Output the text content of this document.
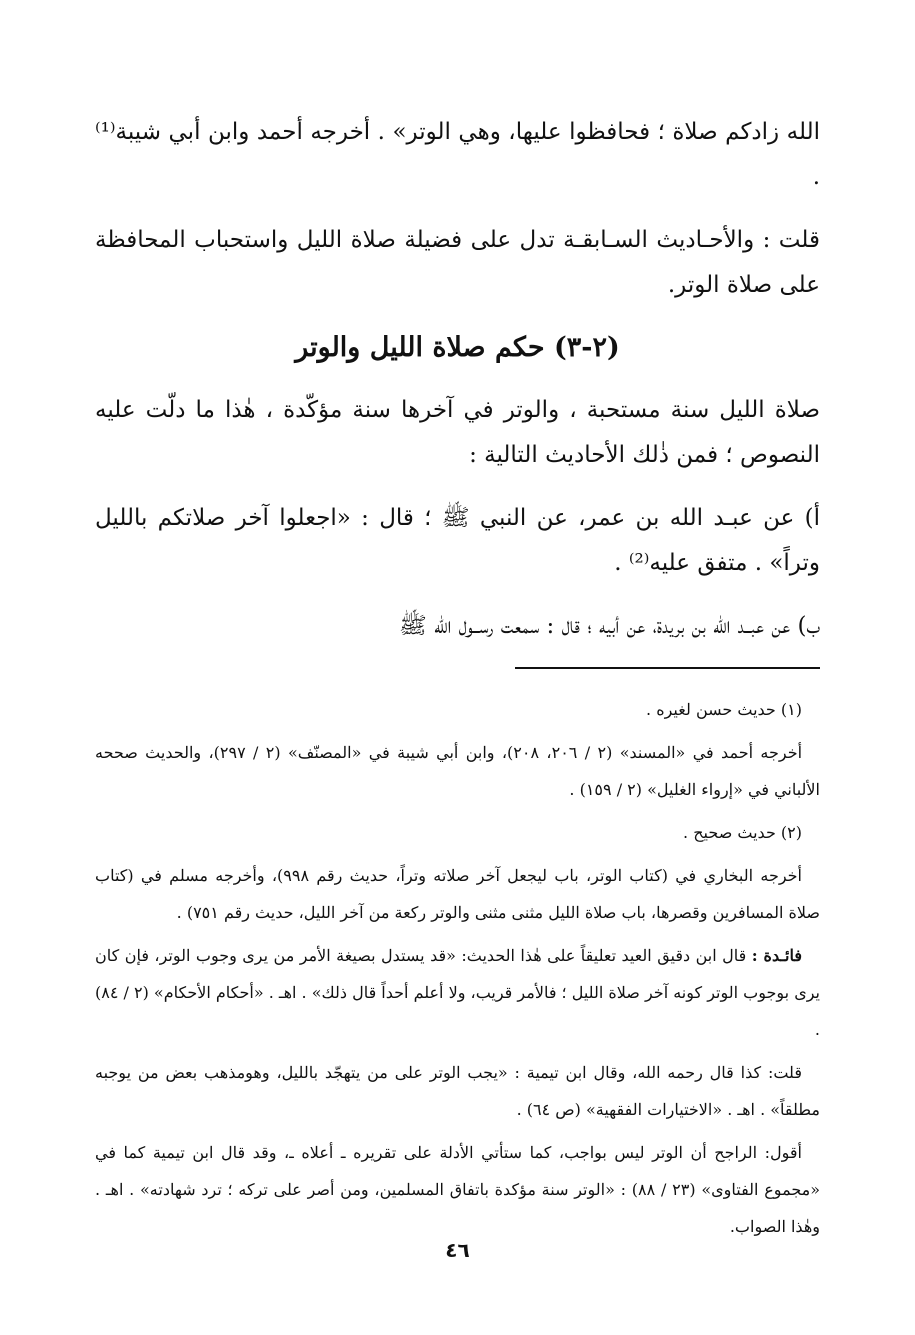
الله زادكم صلاة ؛ فحافظوا عليها، وهي الوتر» . أخرجه أحمد وابن أبي شيبة⁽¹⁾ .

قلت : والأحـاديث السـابقـة تدل على فضيلة صلاة الليل واستحباب المحافظة على صلاة الوتر.

(٢-٣) حكم صلاة الليل والوتر

صلاة الليل سنة مستحبة ، والوتر في آخرها سنة مؤكّدة ، هٰذا ما دلّت عليه النصوص ؛ فمن ذٰلك الأحاديث التالية :

أ) عن عبـد الله بن عمر، عن النبي ﷺ ؛ قال : «اجعلوا آخر صلاتكم بالليل وتراً» . متفق عليه⁽²⁾ .

ب) عن عبــد الله بن بريدة، عن أبيه ؛ قال : سمعت رســول الله ﷺ

(١) حديث حسن لغيره .

أخرجه أحمد في «المسند» (٢ / ٢٠٦، ٢٠٨)، وابن أبي شيبة في «المصنّف» (٢ / ٢٩٧)، والحديث صححه الألباني في «إرواء الغليل» (٢ / ١٥٩) .

(٢) حديث صحيح .

أخرجه البخاري في (كتاب الوتر، باب ليجعل آخر صلاته وتراً، حديث رقم ٩٩٨)، وأخرجه مسلم في (كتاب صلاة المسافرين وقصرها، باب صلاة الليل مثنى مثنى والوتر ركعة من آخر الليل، حديث رقم ٧٥١) .

فائـدة : قال ابن دقيق العيد تعليقاً على هٰذا الحديث: «قد يستدل بصيغة الأمر من يرى وجوب الوتر، فإن كان يرى بوجوب الوتر كونه آخر صلاة الليل ؛ فالأمر قريب، ولا أعلم أحداً قال ذلك» . اهـ . «أحكام الأحكام» (٢ / ٨٤) .

قلت: كذا قال رحمه الله، وقال ابن تيمية : «يجب الوتر على من يتهجّد بالليل، وهومذهب بعض من يوجبه مطلقاً» . اهـ . «الاختيارات الفقهية» (ص ٦٤) .

أقول: الراجح أن الوتر ليس بواجب، كما ستأتي الأدلة على تقريره ـ أعلاه ـ، وقد قال ابن تيمية كما في «مجموع الفتاوى» (٢٣ / ٨٨) : «الوتر سنة مؤكدة باتفاق المسلمين، ومن أصر على تركه ؛ ترد شهادته» . اهـ . وهٰذا الصواب.

٤٦
